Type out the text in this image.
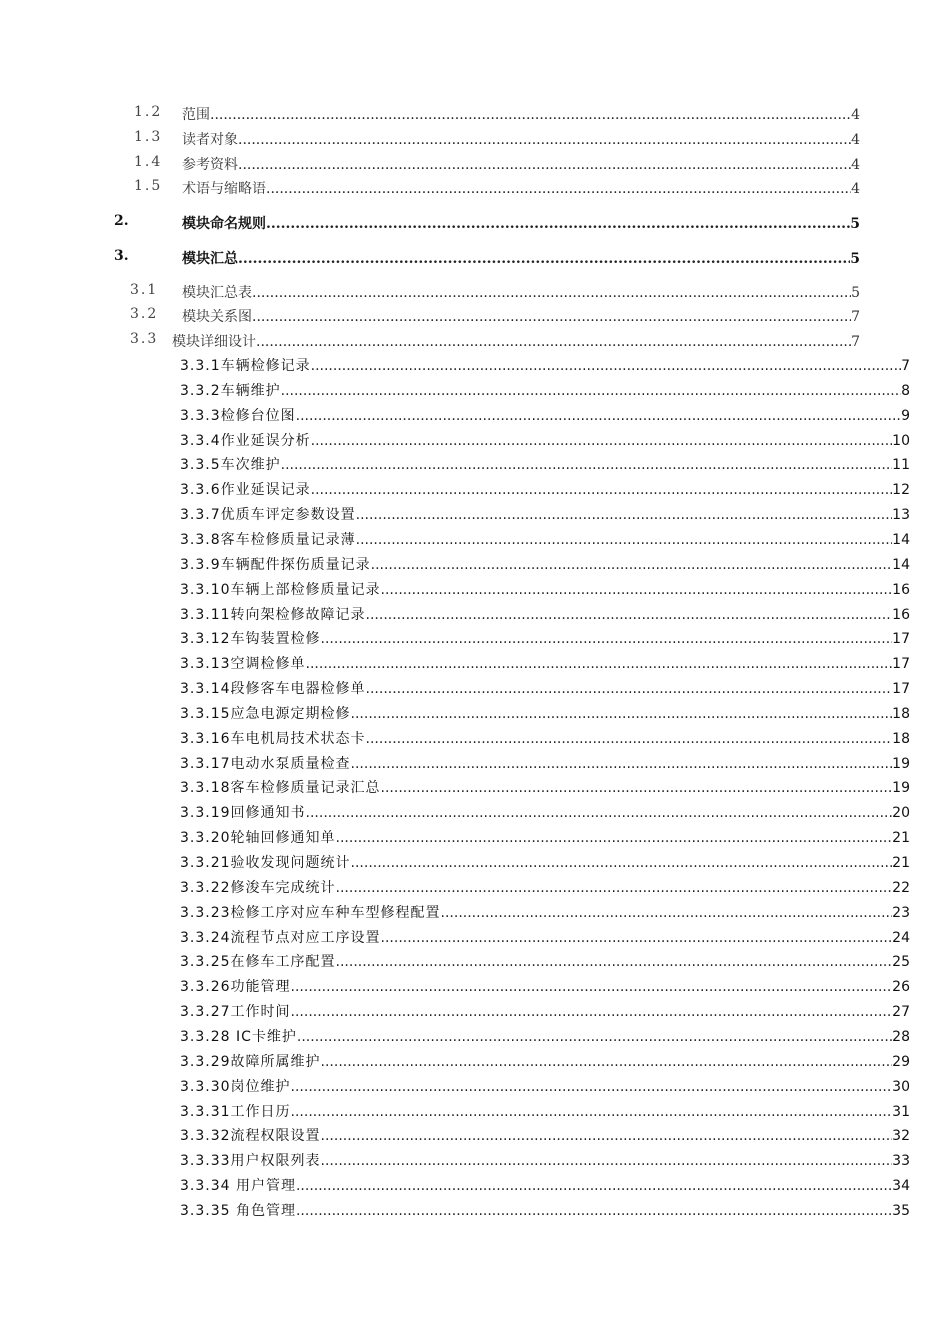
1.2 范围 .....	4
1.3 读者对象 .....	4
1.4 参考资料 .....	4
1.5 术语与缩略语 .....	4
2.	模块命名规则 .....	5
3.	模块汇总 .....	5
3.1 模块汇总表 .....	5
3.2 模块关系图 .....	7
3.3 模块详细设计 .....	7
3.3.1车辆检修记录 .....	7
3.3.2车辆维护 .....	8
3.3.3检修台位图 .....	9
3.3.4作业延误分析 .....	10
3.3.5车次维护 .....	11
3.3.6作业延误记录 .....	12
3.3.7优质车评定参数设置 .....	13
3.3.8客车检修质量记录薄 .....	14
3.3.9车辆配件探伤质量记录 .....	14
3.3.10车辆上部检修质量记录 .....	16
3.3.11转向架检修故障记录 .....	16
3.3.12车钩装置检修 .....	17
3.3.13空调检修单 .....	17
3.3.14段修客车电器检修单 .....	17
3.3.15应急电源定期检修 .....	18
3.3.16车电机局技术状态卡 .....	18
3.3.17电动水泵质量检查 .....	19
3.3.18客车检修质量记录汇总 .....	19
3.3.19回修通知书 .....	20
3.3.20轮轴回修通知单 .....	21
3.3.21验收发现问题统计 .....	21
3.3.22修浚车完成统计 .....	22
3.3.23检修工序对应车种车型修程配置 .....	23
3.3.24流程节点对应工序设置 .....	24
3.3.25在修车工序配置 .....	25
3.3.26功能管理 .....	26
3.3.27工作时间 .....	27
3.3.28 IC卡维护 .....	28
3.3.29故障所属维护 .....	29
3.3.30岗位维护 .....	30
3.3.31工作日历 .....	31
3.3.32流程权限设置 .....	32
3.3.33用户权限列表 .....	33
3.3.34 用户管理 .....	34
3.3.35 角色管理 .....	35
